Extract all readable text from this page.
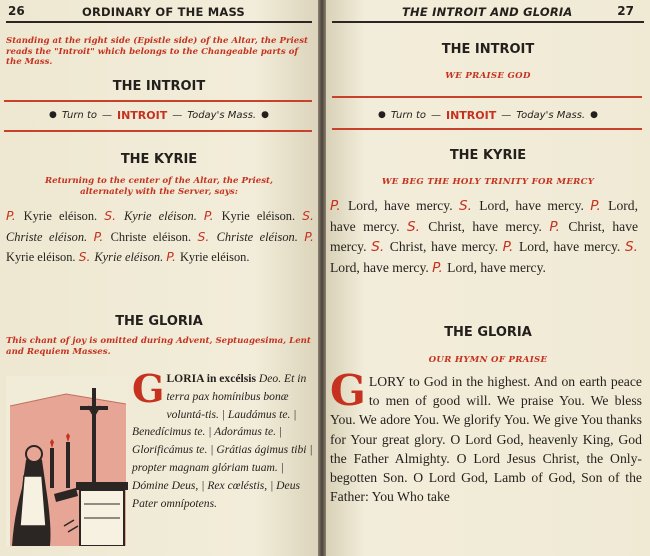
26	ORDINARY OF THE MASS
Standing at the right side (Epistle side) of the Altar, the Priest reads the "Introit" which belongs to the Changeable parts of the Mass.
THE INTROIT
● Turn to — INTROIT — Today's Mass. ●
THE KYRIE
Returning to the center of the Altar, the Priest, alternately with the Server, says:
P. Kyrie eléison. S. Kyrie eléison. P. Kyrie eléison. S. Christe eléison. P. Christe eléison. S. Christe eléison. P. Kyrie eléison. S. Kyrie eléison. P. Kyrie eléison.
THE GLORIA
This chant of joy is omitted during Advent, Septuagesima, Lent and Requiem Masses.
GLORIA in excélsis Deo. Et in terra pax homínibus bonæ voluntá-tis. | Laudámus te. | Benedícimus te. | Adorámus te. | Glorificámus te. | Grátias ágimus tibi | propter magnam glóriam tuam. | Dómine Deus, | Rex cœléstis, | Deus Pater omnípotens.
THE INTROIT AND GLORIA	27
THE INTROIT
WE PRAISE GOD
● Turn to — INTROIT — Today's Mass. ●
THE KYRIE
WE BEG THE HOLY TRINITY FOR MERCY
P. Lord, have mercy. S. Lord, have mercy. P. Lord, have mercy. S. Christ, have mercy. P. Christ, have mercy. S. Christ, have mercy. P. Lord, have mercy. S. Lord, have mercy. P. Lord, have mercy.
THE GLORIA
OUR HYMN OF PRAISE
GLORY to God in the highest. And on earth peace to men of good will. We praise You. We bless You. We adore You. We glorify You. We give You thanks for Your great glory. O Lord God, heavenly King, God the Father Almighty. O Lord Jesus Christ, the Only-begotten Son. O Lord God, Lamb of God, Son of the Father: You Who take
